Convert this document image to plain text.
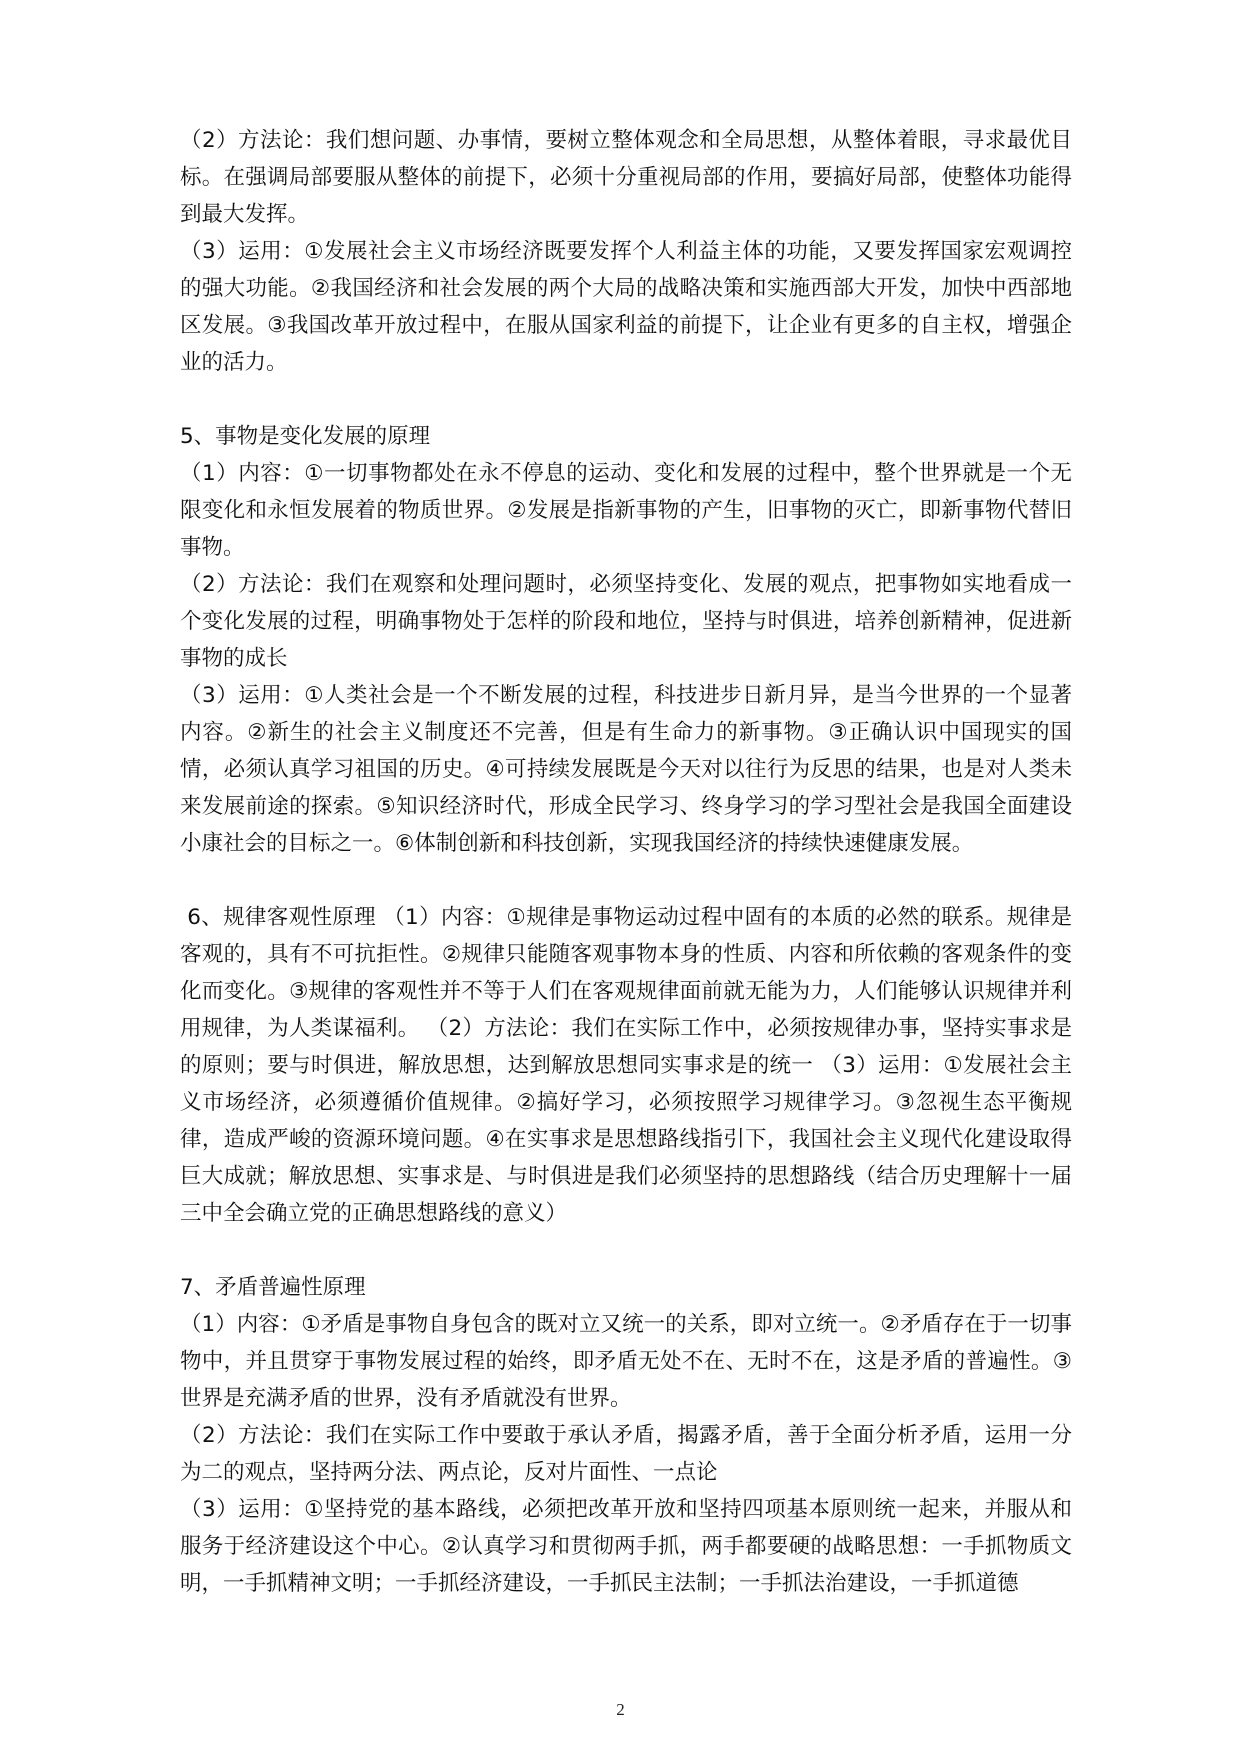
（2）方法论：我们想问题、办事情，要树立整体观念和全局思想，从整体着眼，寻求最优目标。在强调局部要服从整体的前提下，必须十分重视局部的作用，要搞好局部，使整体功能得到最大发挥。

（3）运用：①发展社会主义市场经济既要发挥个人利益主体的功能，又要发挥国家宏观调控的强大功能。②我国经济和社会发展的两个大局的战略决策和实施西部大开发，加快中西部地区发展。③我国改革开放过程中，在服从国家利益的前提下，让企业有更多的自主权，增强企业的活力。

5、事物是变化发展的原理

（1）内容：①一切事物都处在永不停息的运动、变化和发展的过程中，整个世界就是一个无限变化和永恒发展着的物质世界。②发展是指新事物的产生，旧事物的灭亡，即新事物代替旧事物。

（2）方法论：我们在观察和处理问题时，必须坚持变化、发展的观点，把事物如实地看成一个变化发展的过程，明确事物处于怎样的阶段和地位，坚持与时俱进，培养创新精神，促进新事物的成长

（3）运用：①人类社会是一个不断发展的过程，科技进步日新月异，是当今世界的一个显著内容。②新生的社会主义制度还不完善，但是有生命力的新事物。③正确认识中国现实的国情，必须认真学习祖国的历史。④可持续发展既是今天对以往行为反思的结果，也是对人类未来发展前途的探索。⑤知识经济时代，形成全民学习、终身学习的学习型社会是我国全面建设小康社会的目标之一。⑥体制创新和科技创新，实现我国经济的持续快速健康发展。

6、规律客观性原理 （1）内容：①规律是事物运动过程中固有的本质的必然的联系。规律是客观的，具有不可抗拒性。②规律只能随客观事物本身的性质、内容和所依赖的客观条件的变化而变化。③规律的客观性并不等于人们在客观规律面前就无能为力，人们能够认识规律并利用规律，为人类谋福利。 （2）方法论：我们在实际工作中，必须按规律办事，坚持实事求是的原则；要与时俱进，解放思想，达到解放思想同实事求是的统一 （3）运用：①发展社会主义市场经济，必须遵循价值规律。②搞好学习，必须按照学习规律学习。③忽视生态平衡规律，造成严峻的资源环境问题。④在实事求是思想路线指引下，我国社会主义现代化建设取得巨大成就；解放思想、实事求是、与时俱进是我们必须坚持的思想路线（结合历史理解十一届三中全会确立党的正确思想路线的意义）

7、矛盾普遍性原理

（1）内容：①矛盾是事物自身包含的既对立又统一的关系，即对立统一。②矛盾存在于一切事物中，并且贯穿于事物发展过程的始终，即矛盾无处不在、无时不在，这是矛盾的普遍性。③世界是充满矛盾的世界，没有矛盾就没有世界。

（2）方法论：我们在实际工作中要敢于承认矛盾，揭露矛盾，善于全面分析矛盾，运用一分为二的观点，坚持两分法、两点论，反对片面性、一点论

（3）运用：①坚持党的基本路线，必须把改革开放和坚持四项基本原则统一起来，并服从和服务于经济建设这个中心。②认真学习和贯彻两手抓，两手都要硬的战略思想：一手抓物质文明，一手抓精神文明；一手抓经济建设，一手抓民主法制；一手抓法治建设，一手抓道德

2
